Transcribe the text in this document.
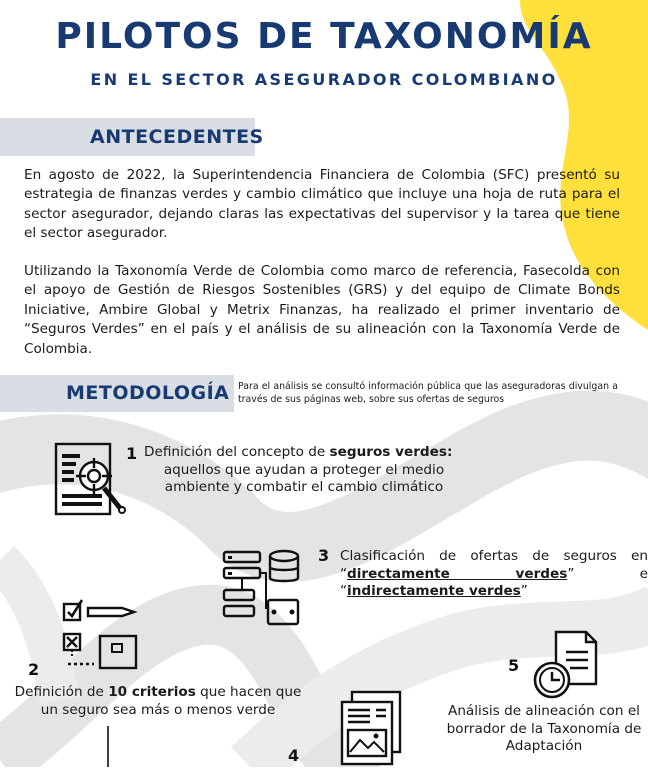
PILOTOS DE TAXONOMÍA
EN EL SECTOR ASEGURADOR COLOMBIANO
ANTECEDENTES

En agosto de 2022, la Superintendencia Financiera de Colombia (SFC) presentó su estrategia de finanzas verdes y cambio climático que incluye una hoja de ruta para el sector asegurador, dejando claras las expectativas del supervisor y la tarea que tiene el sector asegurador.

Utilizando la Taxonomía Verde de Colombia como marco de referencia, Fasecolda con el apoyo de Gestión de Riesgos Sostenibles (GRS) y del equipo de Climate Bonds Iniciative, Ambire Global y Metrix Finanzas, ha realizado el primer inventario de “Seguros Verdes” en el país y el análisis de su alineación con la Taxonomía Verde de Colombia.

METODOLOGÍA Para el análisis se consultó información pública que las aseguradoras divulgan a través de sus páginas web, sobre sus ofertas de seguros
1 Definición del concepto de seguros verdes:
aquellos que ayudan a proteger el medio ambiente y combatir el cambio climático
3 Clasificación de ofertas de seguros en “directamente verdes” e “indirectamente verdes”
2
Definición de 10 criterios que hacen que un seguro sea más o menos verde
5
Análisis de alineación con el borrador de la Taxonomía de Adaptación
4
